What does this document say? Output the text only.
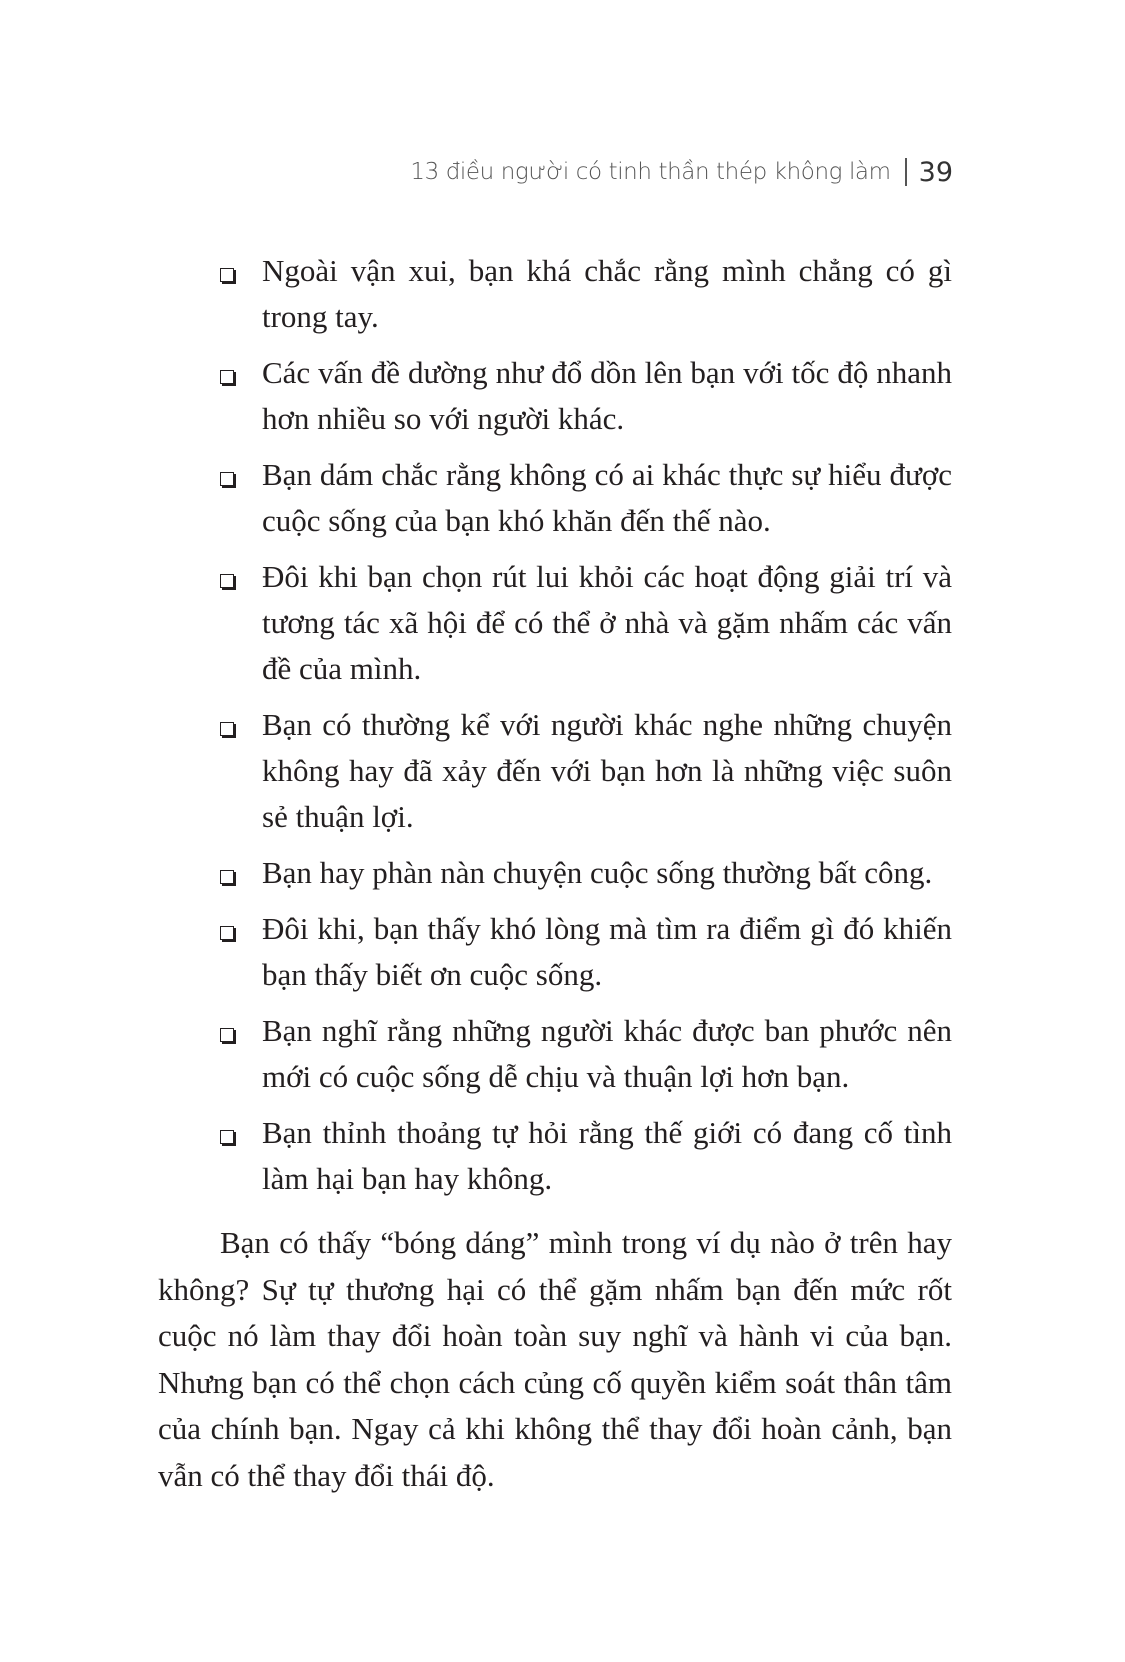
13 điều người có tinh thần thép không làm 39
Ngoài vận xui, bạn khá chắc rằng mình chẳng có gì trong tay.
Các vấn đề dường như đổ dồn lên bạn với tốc độ nhanh hơn nhiều so với người khác.
Bạn dám chắc rằng không có ai khác thực sự hiểu được cuộc sống của bạn khó khăn đến thế nào.
Đôi khi bạn chọn rút lui khỏi các hoạt động giải trí và tương tác xã hội để có thể ở nhà và gặm nhấm các vấn đề của mình.
Bạn có thường kể với người khác nghe những chuyện không hay đã xảy đến với bạn hơn là những việc suôn sẻ thuận lợi.
Bạn hay phàn nàn chuyện cuộc sống thường bất công.
Đôi khi, bạn thấy khó lòng mà tìm ra điểm gì đó khiến bạn thấy biết ơn cuộc sống.
Bạn nghĩ rằng những người khác được ban phước nên mới có cuộc sống dễ chịu và thuận lợi hơn bạn.
Bạn thỉnh thoảng tự hỏi rằng thế giới có đang cố tình làm hại bạn hay không.

Bạn có thấy “bóng dáng” mình trong ví dụ nào ở trên hay không? Sự tự thương hại có thể gặm nhấm bạn đến mức rốt cuộc nó làm thay đổi hoàn toàn suy nghĩ và hành vi của bạn. Nhưng bạn có thể chọn cách củng cố quyền kiểm soát thân tâm của chính bạn. Ngay cả khi không thể thay đổi hoàn cảnh, bạn vẫn có thể thay đổi thái độ.
